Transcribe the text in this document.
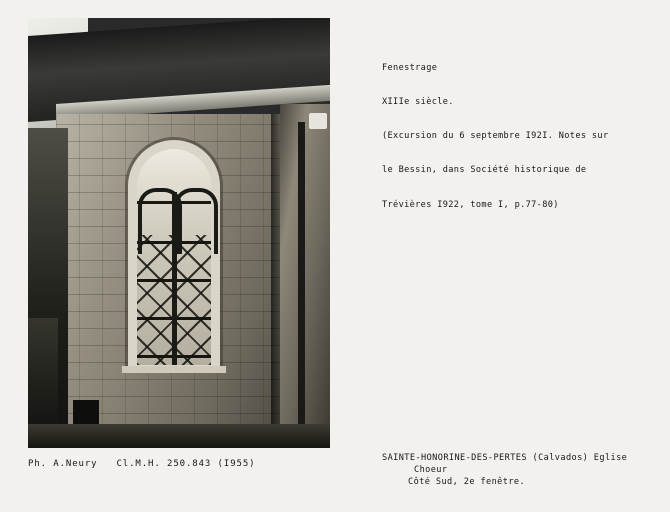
Fenestrage

XIIIe siècle.

(Excursion du 6 septembre I92I. Notes sur

le Bessin, dans Société historique de

Trévières I922, tome I, p.77-80)

Ph. A.Neury   Cl.M.H. 250.843 (I955)
SAINTE-HONORINE-DES-PERTES (Calvados) Eglise
Choeur
Côté Sud, 2e fenêtre.
